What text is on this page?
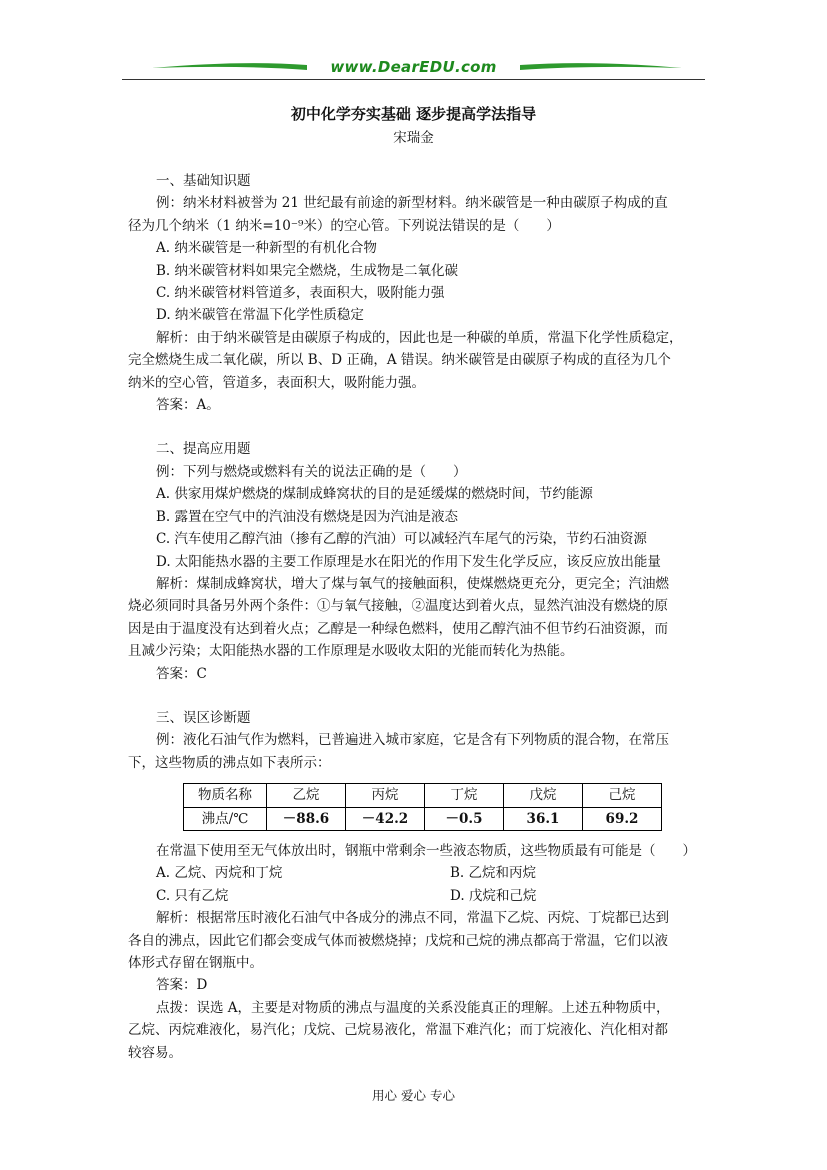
www.DearEDU.com
初中化学夯实基础 逐步提高学法指导
宋瑞金

一、基础知识题

例：纳米材料被誉为 21 世纪最有前途的新型材料。纳米碳管是一种由碳原子构成的直

径为几个纳米（1 纳米=10⁻⁹米）的空心管。下列说法错误的是（　　）

A. 纳米碳管是一种新型的有机化合物

B. 纳米碳管材料如果完全燃烧，生成物是二氧化碳

C. 纳米碳管材料管道多，表面积大，吸附能力强

D. 纳米碳管在常温下化学性质稳定

解析：由于纳米碳管是由碳原子构成的，因此也是一种碳的单质，常温下化学性质稳定，

完全燃烧生成二氧化碳，所以 B、D 正确，A 错误。纳米碳管是由碳原子构成的直径为几个

纳米的空心管，管道多，表面积大，吸附能力强。

答案：A。

二、提高应用题

例：下列与燃烧或燃料有关的说法正确的是（　　）

A. 供家用煤炉燃烧的煤制成蜂窝状的目的是延缓煤的燃烧时间，节约能源

B. 露置在空气中的汽油没有燃烧是因为汽油是液态

C. 汽车使用乙醇汽油（掺有乙醇的汽油）可以减轻汽车尾气的污染，节约石油资源

D. 太阳能热水器的主要工作原理是水在阳光的作用下发生化学反应，该反应放出能量

解析：煤制成蜂窝状，增大了煤与氧气的接触面积，使煤燃烧更充分，更完全；汽油燃

烧必须同时具备另外两个条件：①与氧气接触，②温度达到着火点，显然汽油没有燃烧的原

因是由于温度没有达到着火点；乙醇是一种绿色燃料，使用乙醇汽油不但节约石油资源，而

且减少污染；太阳能热水器的工作原理是水吸收太阳的光能而转化为热能。

答案：C

三、误区诊断题

例：液化石油气作为燃料，已普遍进入城市家庭，它是含有下列物质的混合物，在常压

下，这些物质的沸点如下表所示：

物质名称	乙烷	丙烷	丁烷	戊烷	己烷
沸点/℃	－88.6	－42.2	－0.5	36.1	69.2

在常温下使用至无气体放出时，钢瓶中常剩余一些液态物质，这些物质最有可能是（　　）

A. 乙烷、丙烷和丁烷	B. 乙烷和丙烷
C. 只有乙烷	D. 戊烷和己烷

解析：根据常压时液化石油气中各成分的沸点不同，常温下乙烷、丙烷、丁烷都已达到

各自的沸点，因此它们都会变成气体而被燃烧掉；戊烷和己烷的沸点都高于常温，它们以液

体形式存留在钢瓶中。

答案：D

点拨：误选 A，主要是对物质的沸点与温度的关系没能真正的理解。上述五种物质中，

乙烷、丙烷难液化，易汽化；戊烷、己烷易液化，常温下难汽化；而丁烷液化、汽化相对都

较容易。

用心 爱心 专心
